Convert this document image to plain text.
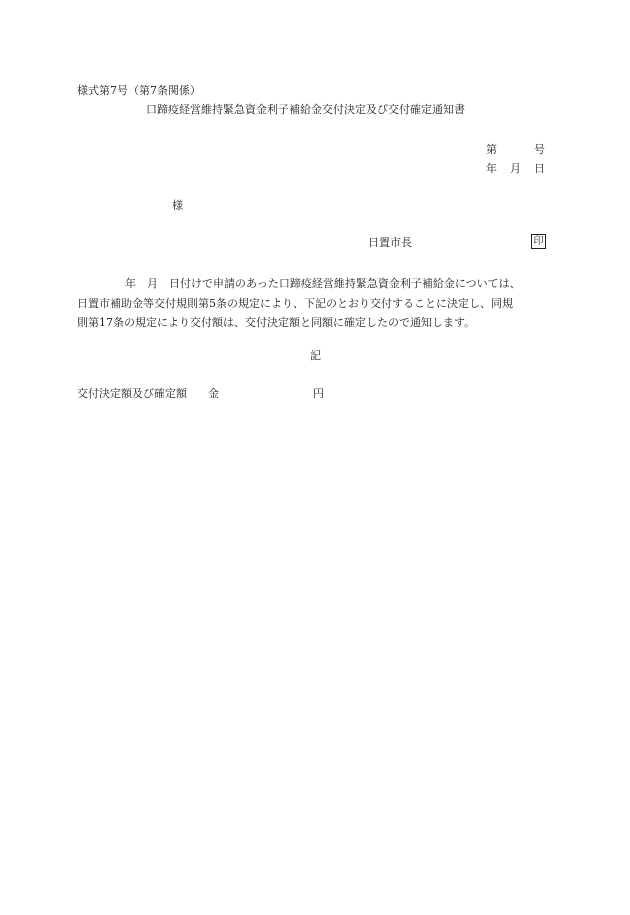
様式第7号（第7条関係）
口蹄疫経営維持緊急資金利子補給金交付決定及び交付確定通知書
第	号
年 月 日
様
日置市長	印
年　月　日付けで申請のあった口蹄疫経営維持緊急資金利子補給金については、
日置市補助金等交付規則第5条の規定により、下記のとおり交付することに決定し、同規
則第17条の規定により交付額は、交付決定額と同額に確定したので通知します。
記
交付決定額及び確定額 金	円
